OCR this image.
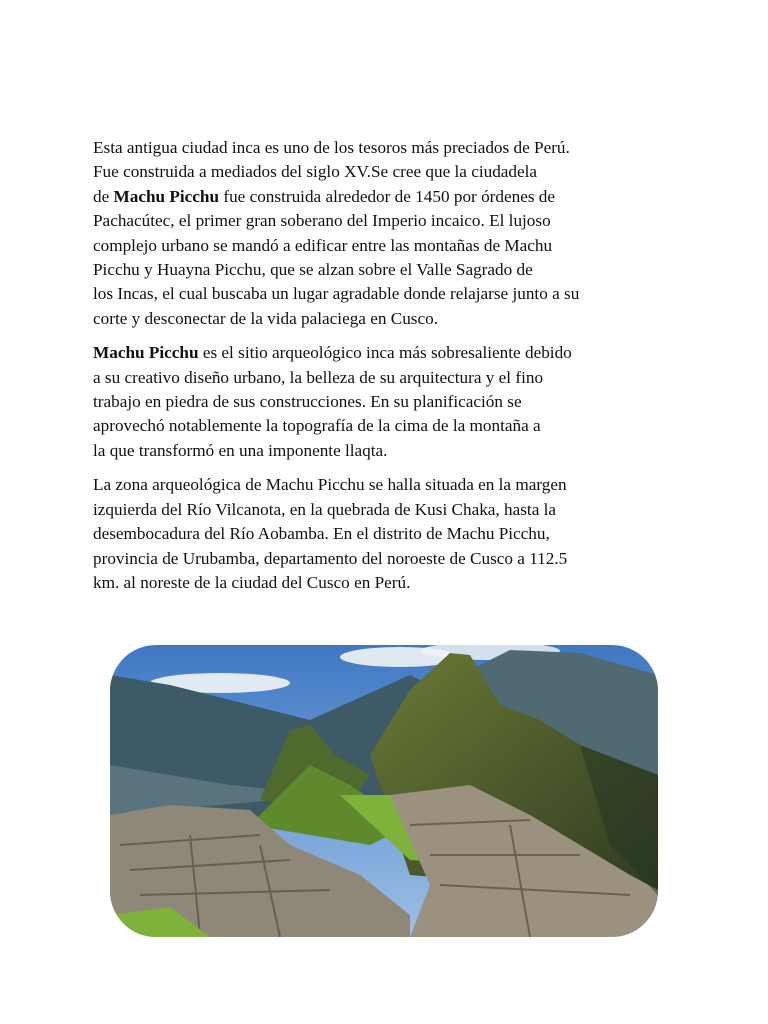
Esta antigua ciudad inca es uno de los tesoros más preciados de Perú.
Fue construida a mediados del siglo XV.Se cree que la ciudadela
de Machu Picchu fue construida alrededor de 1450 por órdenes de
Pachacútec, el primer gran soberano del Imperio incaico. El lujoso
complejo urbano se mandó a edificar entre las montañas de Machu
Picchu y Huayna Picchu, que se alzan sobre el Valle Sagrado de
los Incas, el cual buscaba un lugar agradable donde relajarse junto a su
corte y desconectar de la vida palaciega en Cusco.

Machu Picchu es el sitio arqueológico inca más sobresaliente debido
a su creativo diseño urbano, la belleza de su arquitectura y el fino
trabajo en piedra de sus construcciones. En su planificación se
aprovechó notablemente la topografía de la cima de la montaña a
la que transformó en una imponente llaqta.

La zona arqueológica de Machu Picchu se halla situada en la margen
izquierda del Río Vilcanota, en la quebrada de Kusi Chaka, hasta la
desembocadura del Río Aobamba. En el distrito de Machu Picchu,
provincia de Urubamba, departamento del noroeste de Cusco a 112.5
km. al noreste de la ciudad del Cusco en Perú.
